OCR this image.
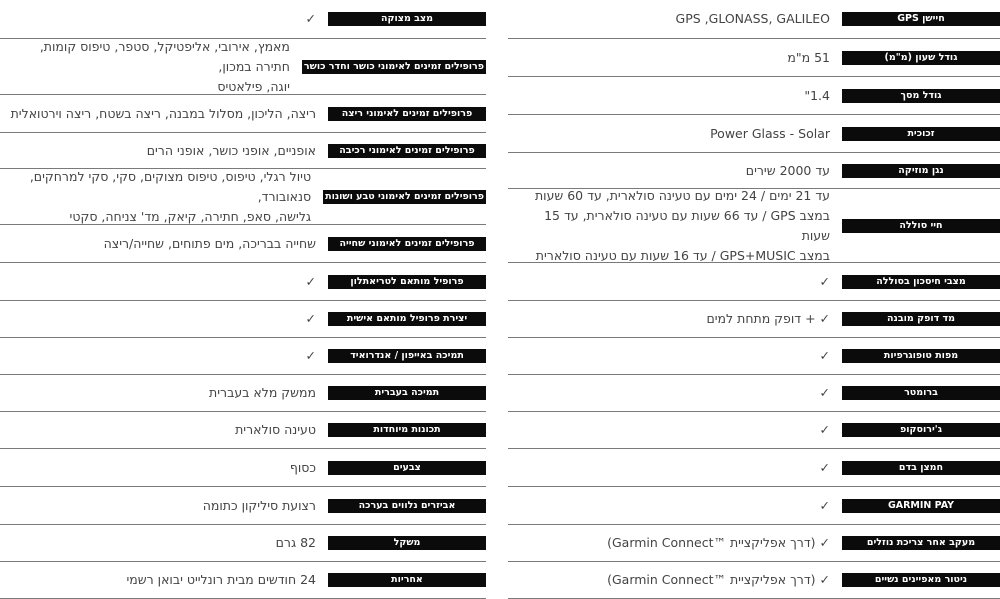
חיישן GPS
GPS ,GLONASS, GALILEO
גודל שעון (מ"מ)
51 מ"מ
גודל מסך
1.4"
זכוכית
Power Glass - Solar
נגן מוזיקה
עד 2000 שירים
חיי סוללה
עד 21 ימים / 24 ימים עם טעינה סולארית, עד 60 שעות
במצב GPS / עד 66 שעות עם טעינה סולארית, עד 15 שעות
במצב GPS+MUSIC / עד 16 שעות עם טעינה סולארית
מצבי חיסכון בסוללה
✓
מד דופק מובנה
✓ + דופק מתחת למים
מפות טופוגרפיות
✓
ברומטר
✓
ג'ירוסקופ
✓
חמצן בדם
✓
GARMIN PAY
✓
מעקב אחר צריכת נוזלים
✓ (דרך אפליקציית ™Garmin Connect)
ניטור מאפיינים נשיים
✓ (דרך אפליקציית ™Garmin Connect)
מצב מצוקה
✓
פרופילים זמינים לאימוני כושר וחדר כושר
מאמץ, אירובי, אליפטיקל, סטפר, טיפוס קומות, חתירה במכון,
יוגה, פילאטיס
פרופילים זמינים לאימוני ריצה
ריצה, הליכון, מסלול במבנה, ריצה בשטח, ריצה וירטואלית
פרופילים זמינים לאימוני רכיבה
אופניים, אופני כושר, אופני הרים
פרופילים זמינים לאימוני טבע ושונות
טיול רגלי, טיפוס, טיפוס מצוקים, סקי, סקי למרחקים, סנאובורד,
גלישה, סאפ, חתירה, קיאק, מד' צניחה, סקטי
פרופילים זמינים לאימוני שחייה
שחייה בבריכה, מים פתוחים, שחייה/ריצה
פרופיל מותאם לטריאתלון
✓
יצירת פרופיל מותאם אישית
✓
תמיכה באייפון / אנדרואיד
✓
תמיכה בעברית
ממשק מלא בעברית
תכונות מיוחדות
טעינה סולארית
צבעים
כסוף
אביזרים נלווים בערכה
רצועת סיליקון כתומה
משקל
82 גרם
אחריות
24 חודשים מבית רונלייט יבואן רשמי
